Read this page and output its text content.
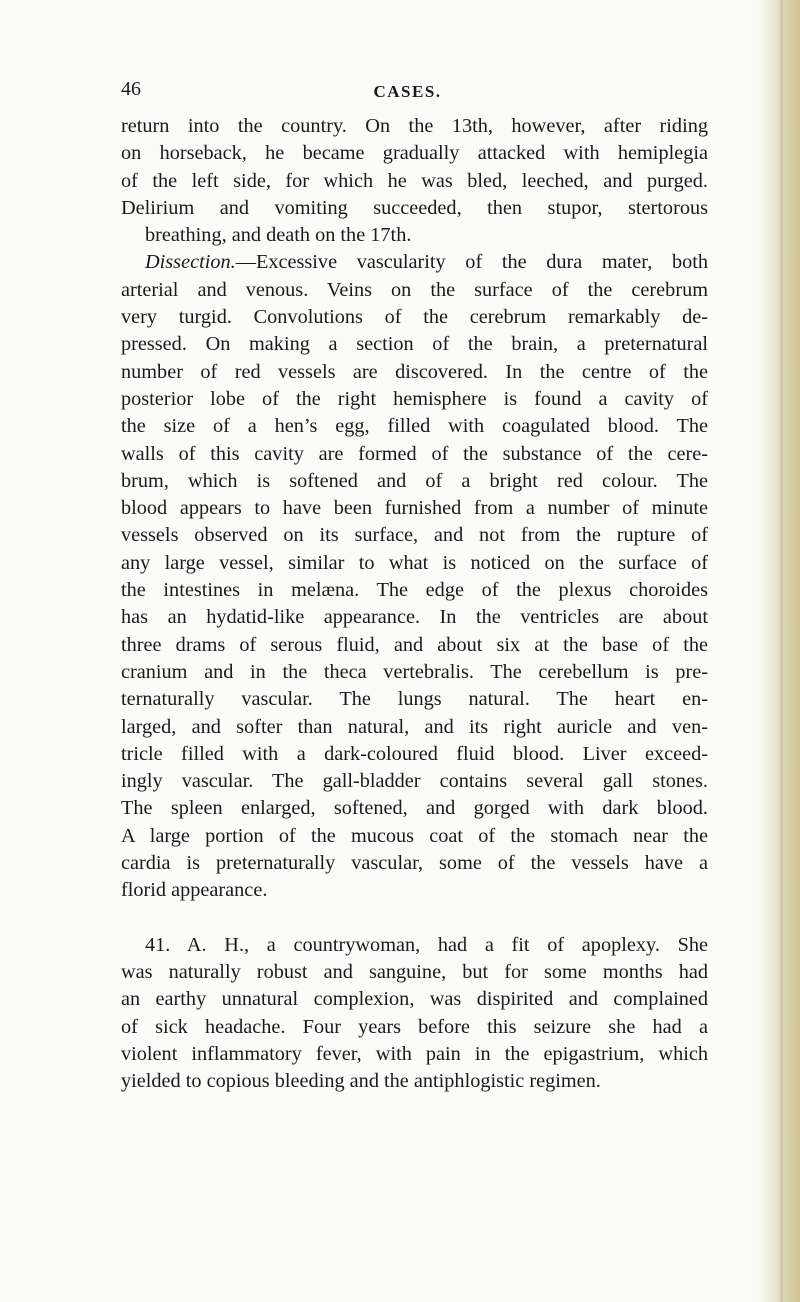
46	CASES.

return into the country. On the 13th, however, after riding

on horseback, he became gradually attacked with hemiplegia

of the left side, for which he was bled, leeched, and purged.

Delirium and vomiting succeeded, then stupor, stertorous

breathing, and death on the 17th.

Dissection.—Excessive vascularity of the dura mater, both

arterial and venous. Veins on the surface of the cerebrum

very turgid. Convolutions of the cerebrum remarkably de-

pressed. On making a section of the brain, a preternatural

number of red vessels are discovered. In the centre of the

posterior lobe of the right hemisphere is found a cavity of

the size of a hen’s egg, filled with coagulated blood. The

walls of this cavity are formed of the substance of the cere-

brum, which is softened and of a bright red colour. The

blood appears to have been furnished from a number of minute

vessels observed on its surface, and not from the rupture of

any large vessel, similar to what is noticed on the surface of

the intestines in melæna. The edge of the plexus choroides

has an hydatid-like appearance. In the ventricles are about

three drams of serous fluid, and about six at the base of the

cranium and in the theca vertebralis. The cerebellum is pre-

ternaturally vascular. The lungs natural. The heart en-

larged, and softer than natural, and its right auricle and ven-

tricle filled with a dark-coloured fluid blood. Liver exceed-

ingly vascular. The gall-bladder contains several gall stones.

The spleen enlarged, softened, and gorged with dark blood.

A large portion of the mucous coat of the stomach near the

cardia is preternaturally vascular, some of the vessels have a

florid appearance.

41. A. H., a countrywoman, had a fit of apoplexy. She

was naturally robust and sanguine, but for some months had

an earthy unnatural complexion, was dispirited and complained

of sick headache. Four years before this seizure she had a

violent inflammatory fever, with pain in the epigastrium, which

yielded to copious bleeding and the antiphlogistic regimen.
